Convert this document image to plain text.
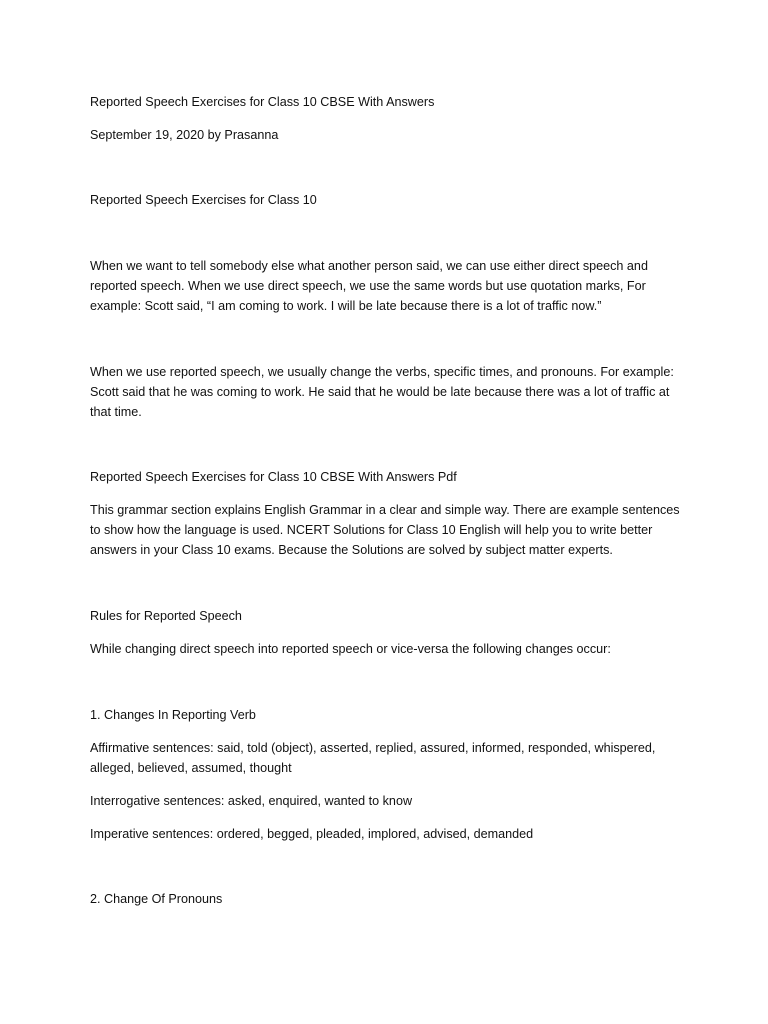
Reported Speech Exercises for Class 10 CBSE With Answers

September 19, 2020 by Prasanna

Reported Speech Exercises for Class 10

When we want to tell somebody else what another person said, we can use either direct speech and reported speech. When we use direct speech, we use the same words but use quotation marks, For example: Scott said, “I am coming to work. I will be late because there is a lot of traffic now.”

When we use reported speech, we usually change the verbs, specific times, and pronouns. For example: Scott said that he was coming to work. He said that he would be late because there was a lot of traffic at that time.

Reported Speech Exercises for Class 10 CBSE With Answers Pdf

This grammar section explains English Grammar in a clear and simple way. There are example sentences to show how the language is used. NCERT Solutions for Class 10 English will help you to write better answers in your Class 10 exams. Because the Solutions are solved by subject matter experts.

Rules for Reported Speech

While changing direct speech into reported speech or vice-versa the following changes occur:

1. Changes In Reporting Verb

Affirmative sentences: said, told (object), asserted, replied, assured, informed, responded, whispered, alleged, believed, assumed, thought

Interrogative sentences: asked, enquired, wanted to know

Imperative sentences: ordered, begged, pleaded, implored, advised, demanded

2. Change Of Pronouns
